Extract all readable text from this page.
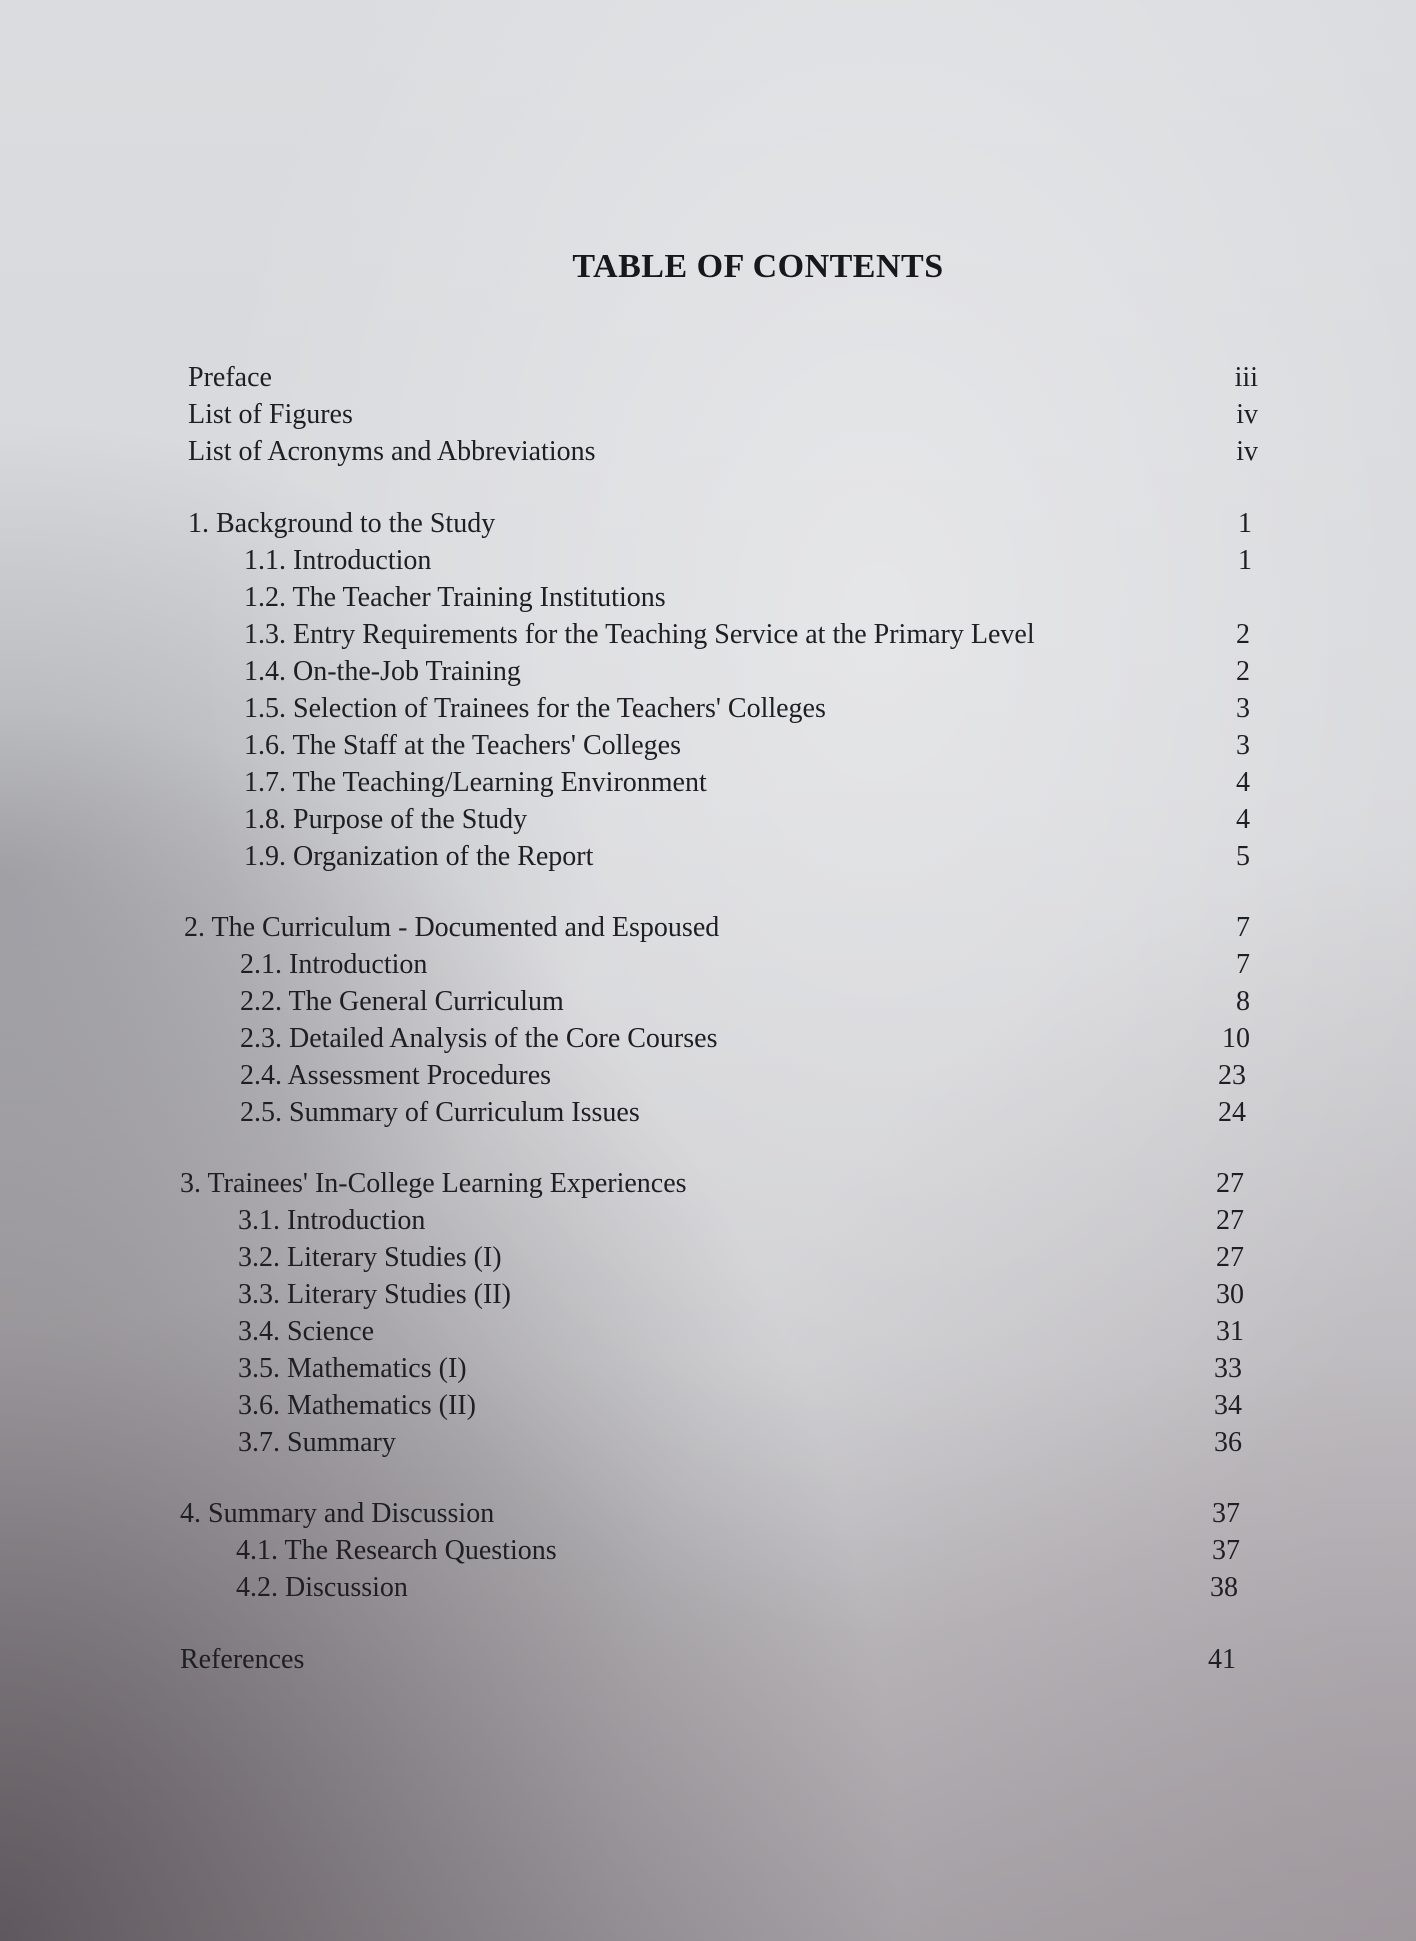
TABLE OF CONTENTS
Preface	iii
List of Figures	iv
List of Acronyms and Abbreviations	iv
1. Background to the Study	1
1.1. Introduction	1
1.2. The Teacher Training Institutions
1.3. Entry Requirements for the Teaching Service at the Primary Level	2
1.4. On-the-Job Training	2
1.5. Selection of Trainees for the Teachers' Colleges	3
1.6. The Staff at the Teachers' Colleges	3
1.7. The Teaching/Learning Environment	4
1.8. Purpose of the Study	4
1.9. Organization of the Report	5
2. The Curriculum - Documented and Espoused	7
2.1. Introduction	7
2.2. The General Curriculum	8
2.3. Detailed Analysis of the Core Courses	10
2.4. Assessment Procedures	23
2.5. Summary of Curriculum Issues	24
3. Trainees' In-College Learning Experiences	27
3.1. Introduction	27
3.2. Literary Studies (I)	27
3.3. Literary Studies (II)	30
3.4. Science	31
3.5. Mathematics (I)	33
3.6. Mathematics (II)	34
3.7. Summary	36
4. Summary and Discussion	37
4.1. The Research Questions	37
4.2. Discussion	38
References	41
